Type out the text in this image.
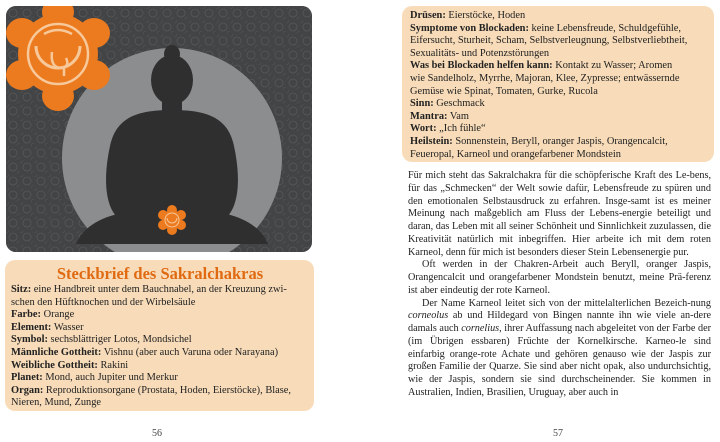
Steckbrief des Sakralchakras
Sitz: eine Handbreit unter dem Bauchnabel, an der Kreuzung zwi-
schen den Hüftknochen und der Wirbelsäule
Farbe: Orange
Element: Wasser
Symbol: sechsblättriger Lotos, Mondsichel
Männliche Gottheit: Vishnu (aber auch Varuna oder Narayana)
Weibliche Gottheit: Rakini
Planet: Mond, auch Jupiter und Merkur
Organ: Reproduktionsorgane (Prostata, Hoden, Eierstöcke), Blase,
Nieren, Mund, Zunge
56
Drüsen: Eierstöcke, Hoden
Symptome von Blockaden: keine Lebensfreude, Schuldgefühle,
Eifersucht, Sturheit, Scham, Selbstverleugnung, Selbstverliebtheit,
Sexualitäts- und Potenzstörungen
Was bei Blockaden helfen kann: Kontakt zu Wasser; Aromen
wie Sandelholz, Myrrhe, Majoran, Klee, Zypresse; entwässernde
Gemüse wie Spinat, Tomaten, Gurke, Rucola
Sinn: Geschmack
Mantra: Vam
Wort: „Ich fühle“
Heilstein: Sonnenstein, Beryll, oranger Jaspis, Orangencalcit,
Feueropal, Karneol und orangefarbener Mondstein

Für mich steht das Sakralchakra für die schöpferische Kraft des Le-bens, für das „Schmecken“ der Welt sowie dafür, Lebensfreude zu spüren und den emotionalen Selbstausdruck zu erfahren. Insge-samt ist es meiner Meinung nach maßgeblich am Fluss der Lebens-energie beteiligt und daran, das Leben mit all seiner Schönheit und Sinnlichkeit zuzulassen, die Kreativität natürlich mit inbegriffen. Hier arbeite ich mit dem roten Karneol, denn für mich ist besonders dieser Stein Lebensenergie pur.

Oft werden in der Chakren-Arbeit auch Beryll, oranger Jaspis, Orangencalcit und orangefarbener Mondstein benutzt, meine Prä-ferenz ist aber eindeutig der rote Karneol.

Der Name Karneol leitet sich von der mittelalterlichen Bezeich-nung corneolus ab und Hildegard von Bingen nannte ihn wie viele an-dere damals auch cornelius, ihrer Auffassung nach abgeleitet von der Farbe der (im Übrigen essbaren) Früchte der Kornelkirsche. Karneo-le sind einfarbig orange-rote Achate und gehören genauso wie der Jaspis zur großen Familie der Quarze. Sie sind aber nicht opak, also undurchsichtig, wie der Jaspis, sondern sie sind durchscheinender. Sie kommen in Australien, Indien, Brasilien, Uruguay, aber auch in

57
